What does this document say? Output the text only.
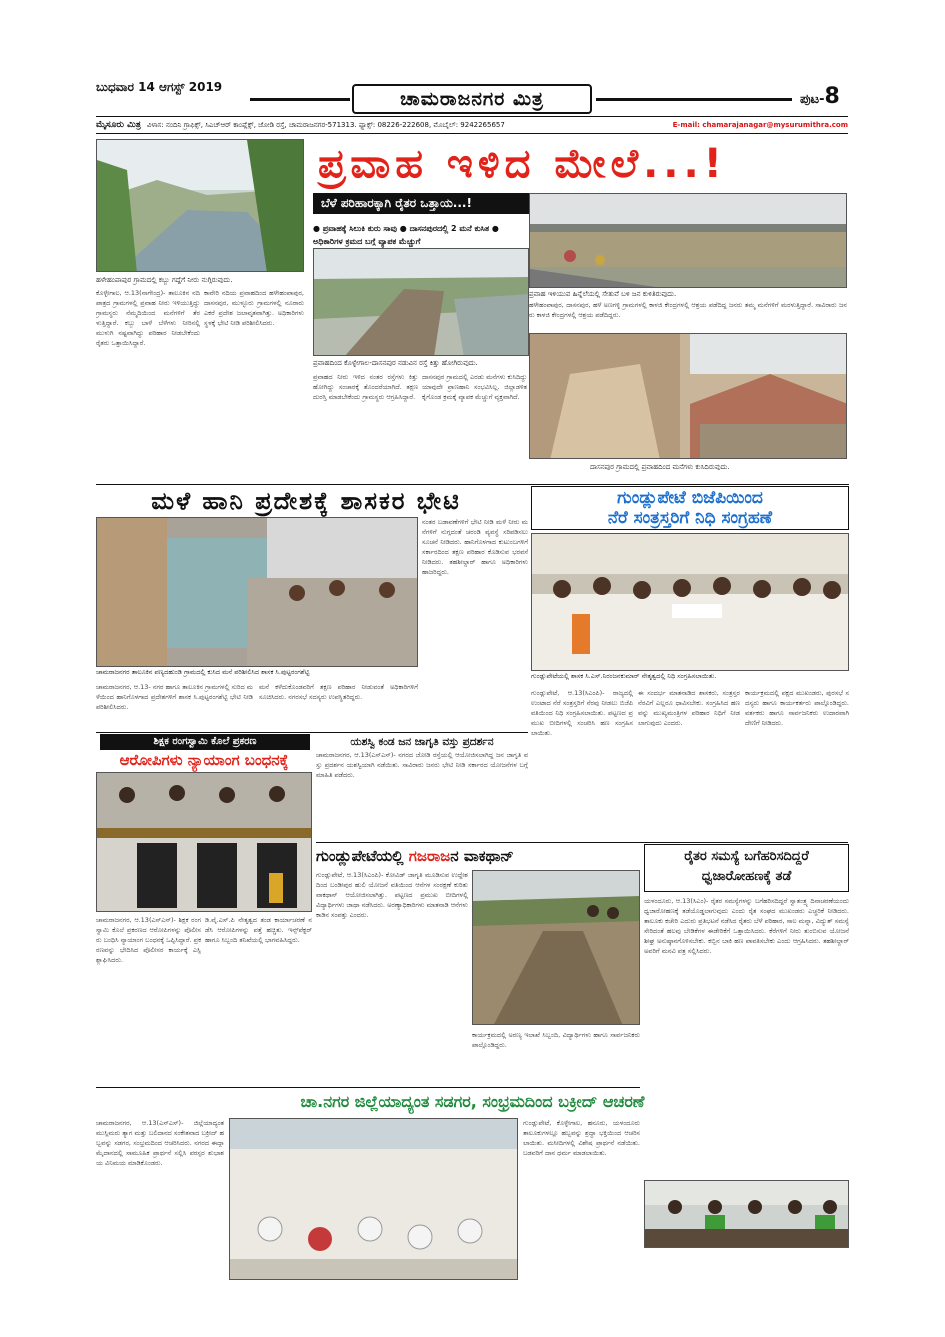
ಬುಧವಾರ 14 ಆಗಸ್ಟ್ 2019
ಚಾಮರಾಜನಗರ ಮಿತ್ರ	ಪುಟ-8
ಮೈಸೂರು ಮಿತ್ರ ವಿಳಾಸ: ನಂದಿನಿ ಗ್ರಾಫಿಕ್ಸ್, ಸಿಎಚ್‌ಆರ್ ಕಾಂಪ್ಲೆಕ್ಸ್, ಜೋಡಿ ರಸ್ತೆ, ಚಾಮರಾಜನಗರ-571313. ಫ್ಯಾಕ್ಸ್: 08226-222608, ಮೊಬೈಲ್: 9242265657	E-mail: chamarajanagar@mysurumithra.com
ಹಳೇಹಂಪಾಪುರ ಗ್ರಾಮದಲ್ಲಿ ಕಬ್ಬು ಗದ್ದೆಗೆ ನೀರು ನುಗ್ಗಿರುವುದು.
ಪ್ರವಾಹ ಇಳಿದ ಮೇಲೆ...!
ಬೆಳೆ ಪರಿಹಾರಕ್ಕಾಗಿ ರೈತರ ಒತ್ತಾಯ...!
● ಪ್ರವಾಹಕ್ಕೆ ಸಿಲುಕಿ ಕುರು ಸಾವು ● ದಾಸನಪುರದಲ್ಲಿ 2 ಮನೆ ಕುಸಿತ ● ಅಧಿಕಾರಿಗಳ ಕ್ರಮದ ಬಗ್ಗೆ ವ್ಯಾಪಕ ಮೆಚ್ಚುಗೆ
ಪ್ರವಾಹದಿಂದ ಕೊಳ್ಳೇಗಾಲ-ದಾಸನಪುರ ನಡುವಿನ ರಸ್ತೆ ಕಿತ್ತು ಹೋಗಿರುವುದು.
ಪ್ರವಾಹ ಇಳಿಯುವ ಹಿನ್ನೆಲೆಯಲ್ಲಿ ಸೇತುವೆ ಬಳಿ ಜನ ಕುಳಿತಿರುವುದು.
ದಾಸನಪುರ ಗ್ರಾಮದಲ್ಲಿ ಪ್ರವಾಹದಿಂದ ಮನೆಗಳು ಕುಸಿದಿರುವುದು.
ಕೊಳ್ಳೇಗಾಲ, ಆ.13(ನಾಗೇಂದ್ರ)- ತಾಲೂಕಿನ ನದಿ ಪಾತ್ರದ ಗ್ರಾಮಗಳಲ್ಲಿ ಪ್ರವಾಹ ನೀರು ಇಳಿಯುತ್ತಿದ್ದು ಗ್ರಾಮಸ್ಥರು ನೆಮ್ಮದಿಯಿಂದ ಮನೆಗಳಿಗೆ ತೆರಳುತ್ತಿದ್ದಾರೆ. ಕಬ್ಬು ಬಾಳೆ ಬೆಳೆಗಳು ನೀರಿನಲ್ಲಿ ಮುಳುಗಿ ನಷ್ಟವಾಗಿದ್ದು ಪರಿಹಾರ ನೀಡಬೇಕೆಂದು ರೈತರು ಒತ್ತಾಯಿಸಿದ್ದಾರೆ.
ಕಾವೇರಿ ನದಿಯ ಪ್ರವಾಹದಿಂದ ಹಳೇಹಂಪಾಪುರ, ದಾಸನಪುರ, ಮುಳ್ಳೂರು ಗ್ರಾಮಗಳಲ್ಲಿ ನೂರಾರು ಎಕರೆ ಪ್ರದೇಶ ಜಲಾವೃತವಾಗಿತ್ತು. ಅಧಿಕಾರಿಗಳು ಸ್ಥಳಕ್ಕೆ ಭೇಟಿ ನೀಡಿ ಪರಿಶೀಲಿಸಿದರು.
ಪ್ರವಾಹದ ನೀರು ಇಳಿದ ನಂತರ ರಸ್ತೆಗಳು ಕಿತ್ತು ಹೋಗಿದ್ದು ಸಂಚಾರಕ್ಕೆ ತೊಂದರೆಯಾಗಿದೆ. ತಕ್ಷಣ ದುರಸ್ತಿ ಮಾಡಬೇಕೆಂದು ಗ್ರಾಮಸ್ಥರು ಆಗ್ರಹಿಸಿದ್ದಾರೆ.
ದಾಸನಪುರ ಗ್ರಾಮದಲ್ಲಿ ಎರಡು ಮನೆಗಳು ಕುಸಿದಿದ್ದು ಯಾವುದೇ ಪ್ರಾಣಹಾನಿ ಸಂಭವಿಸಿಲ್ಲ. ಜಿಲ್ಲಾಡಳಿತ ಕೈಗೊಂಡ ಕ್ರಮಕ್ಕೆ ವ್ಯಾಪಕ ಮೆಚ್ಚುಗೆ ವ್ಯಕ್ತವಾಗಿದೆ.
ಹಳೇಹಂಪಾಪುರ, ದಾಸನಪುರ, ಹಳೆ ಅಣಗಳ್ಳಿ ಗ್ರಾಮಗಳಲ್ಲಿ ಕಾಳಜಿ ಕೇಂದ್ರಗಳಲ್ಲಿ ಆಶ್ರಯ ಪಡೆದಿದ್ದ ಜನರು ತಮ್ಮ ಮನೆಗಳಿಗೆ ಮರಳುತ್ತಿದ್ದಾರೆ. ಸಾವಿರಾರು ಜನರು ಕಾಳಜಿ ಕೇಂದ್ರಗಳಲ್ಲಿ ಆಶ್ರಯ ಪಡೆದಿದ್ದರು.
ಮಳೆ ಹಾನಿ ಪ್ರದೇಶಕ್ಕೆ ಶಾಸಕರ ಭೇಟಿ
ಚಾಮರಾಜನಗರ ತಾಲೂಕಿನ ಪಣ್ಯದಹುಂಡಿ ಗ್ರಾಮದಲ್ಲಿ ಕುಸಿದ ಮನೆ ಪರಿಶೀಲಿಸಿದ ಶಾಸಕ ಸಿ.ಪುಟ್ಟರಂಗಶೆಟ್ಟಿ
ಚಾಮರಾಜನಗರ, ಆ.13- ನಗರ ಹಾಗೂ ತಾಲೂಕಿನ ಗ್ರಾಮಗಳಲ್ಲಿ ಸುರಿದ ಮಳೆಯಿಂದ ಹಾನಿಗೊಳಗಾದ ಪ್ರದೇಶಗಳಿಗೆ ಶಾಸಕ ಸಿ.ಪುಟ್ಟರಂಗಶೆಟ್ಟಿ ಭೇಟಿ ನೀಡಿ ಪರಿಶೀಲಿಸಿದರು.
ಮನೆ ಕಳೆದುಕೊಂಡವರಿಗೆ ತಕ್ಷಣ ಪರಿಹಾರ ನೀಡುವಂತೆ ಅಧಿಕಾರಿಗಳಿಗೆ ಸೂಚಿಸಿದರು. ನಗರಸಭೆ ಸದಸ್ಯರು ಉಪಸ್ಥಿತರಿದ್ದರು.
ನಂತರ ಬಡಾವಣೆಗಳಿಗೆ ಭೇಟಿ ನೀಡಿ ಮಳೆ ನೀರು ಮನೆಗಳಿಗೆ ನುಗ್ಗದಂತೆ ಚರಂಡಿ ವ್ಯವಸ್ಥೆ ಸರಿಪಡಿಸಲು ಸೂಚನೆ ನೀಡಿದರು. ಹಾನಿಗೊಳಗಾದ ಕುಟುಂಬಗಳಿಗೆ ಸರ್ಕಾರದಿಂದ ತಕ್ಷಣ ಪರಿಹಾರ ಕೊಡಿಸುವ ಭರವಸೆ ನೀಡಿದರು. ತಹಶೀಲ್ದಾರ್ ಹಾಗೂ ಅಧಿಕಾರಿಗಳು ಹಾಜರಿದ್ದರು.
ಗುಂಡ್ಲುಪೇಟೆ ಬಿಜೆಪಿಯಿಂದ
ನೆರೆ ಸಂತ್ರಸ್ತರಿಗೆ ನಿಧಿ ಸಂಗ್ರಹಣೆ
ಗುಂಡ್ಲುಪೇಟೆಯಲ್ಲಿ ಶಾಸಕ ಸಿ.ಎಸ್.ನಿರಂಜನಕುಮಾರ್ ನೇತೃತ್ವದಲ್ಲಿ ನಿಧಿ ಸಂಗ್ರಹಿಸಲಾಯಿತು.
ಗುಂಡ್ಲುಪೇಟೆ, ಆ.13(ಸಿಎಂಪಿ)- ರಾಜ್ಯದಲ್ಲಿ ಉಂಟಾದ ನೆರೆ ಸಂತ್ರಸ್ತರಿಗೆ ನೆರವು ನೀಡಲು ಬಿಜೆಪಿ ವತಿಯಿಂದ ನಿಧಿ ಸಂಗ್ರಹಿಸಲಾಯಿತು. ಪಟ್ಟಣದ ಪ್ರಮುಖ ಬೀದಿಗಳಲ್ಲಿ ಸಂಚರಿಸಿ ಹಣ ಸಂಗ್ರಹಿಸಲಾಯಿತು.
ಈ ಸಂದರ್ಭ ಮಾತನಾಡಿದ ಶಾಸಕರು, ಸಂತ್ರಸ್ತರ ನೆರವಿಗೆ ಎಲ್ಲರೂ ಧಾವಿಸಬೇಕು. ಸಂಗ್ರಹಿಸಿದ ಹಣವನ್ನು ಮುಖ್ಯಮಂತ್ರಿಗಳ ಪರಿಹಾರ ನಿಧಿಗೆ ನೀಡಲಾಗುವುದು ಎಂದರು.
ಕಾರ್ಯಕ್ರಮದಲ್ಲಿ ಪಕ್ಷದ ಮುಖಂಡರು, ಪುರಸಭೆ ಸದಸ್ಯರು ಹಾಗೂ ಕಾರ್ಯಕರ್ತರು ಪಾಲ್ಗೊಂಡಿದ್ದರು. ವರ್ತಕರು ಹಾಗೂ ಸಾರ್ವಜನಿಕರು ಉದಾರವಾಗಿ ದೇಣಿಗೆ ನೀಡಿದರು.
ಶಿಕ್ಷಕ ರಂಗಸ್ವಾಮಿ ಕೊಲೆ ಪ್ರಕರಣ
ಆರೋಪಿಗಳು ನ್ಯಾಯಾಂಗ ಬಂಧನಕ್ಕೆ
ಚಾಮರಾಜನಗರ, ಆ.13(ಎಸ್‌ಎಸ್)- ಶಿಕ್ಷಕ ರಂಗಸ್ವಾಮಿ ಕೊಲೆ ಪ್ರಕರಣದ ಆರೋಪಿಗಳನ್ನು ಪೊಲೀಸರು ಬಂಧಿಸಿ ನ್ಯಾಯಾಂಗ ಬಂಧನಕ್ಕೆ ಒಪ್ಪಿಸಿದ್ದಾರೆ. ಪ್ರಕರಣವನ್ನು ಭೇದಿಸಿದ ಪೊಲೀಸರ ಕಾರ್ಯಕ್ಕೆ ಎಸ್ಪಿ ಶ್ಲಾಘಿಸಿದರು.
ಡಿ.ವೈ.ಎಸ್.ಪಿ ನೇತೃತ್ವದ ತಂಡ ಕಾರ್ಯಾಚರಣೆ ನಡೆಸಿ ಆರೋಪಿಗಳನ್ನು ಪತ್ತೆ ಹಚ್ಚಿತು. ಇನ್ಸ್‌ಪೆಕ್ಟರ್ ಹಾಗೂ ಸಿಬ್ಬಂದಿ ತನಿಖೆಯಲ್ಲಿ ಭಾಗವಹಿಸಿದ್ದರು.
ಯಶಸ್ವಿ ಕಂಡ ಜನ ಜಾಗೃತಿ ವಸ್ತು ಪ್ರದರ್ಶನ
ಚಾಮರಾಜನಗರ, ಆ.13(ಎಸ್‌ಎಸ್)- ನಗರದ ಜೋಡಿ ರಸ್ತೆಯಲ್ಲಿ ಆಯೋಜಿಸಲಾಗಿದ್ದ ಜನ ಜಾಗೃತಿ ವಸ್ತು ಪ್ರದರ್ಶನ ಯಶಸ್ವಿಯಾಗಿ ನಡೆಯಿತು. ಸಾವಿರಾರು ಜನರು ಭೇಟಿ ನೀಡಿ ಸರ್ಕಾರದ ಯೋಜನೆಗಳ ಬಗ್ಗೆ ಮಾಹಿತಿ ಪಡೆದರು.
ಗುಂಡ್ಲುಪೇಟೆಯಲ್ಲಿ ಗಜರಾಜನ ವಾಕಥಾನ್
ಗುಂಡ್ಲುಪೇಟೆ, ಆ.13(ಸಿಎಂಪಿ)- ಕೋವಿಡ್ ಜಾಗೃತಿ ಮೂಡಿಸುವ ಉದ್ದೇಶದಿಂದ ಬಂಡೀಪುರ ಹುಲಿ ಯೋಜನೆ ವತಿಯಿಂದ ಆನೆಗಳ ಸಂರಕ್ಷಣೆ ಕುರಿತು ವಾಕಥಾನ್ ಆಯೋಜಿಸಲಾಗಿತ್ತು. ಪಟ್ಟಣದ ಪ್ರಮುಖ ಬೀದಿಗಳಲ್ಲಿ ವಿದ್ಯಾರ್ಥಿಗಳು ಜಾಥಾ ನಡೆಸಿದರು. ಅರಣ್ಯಾಧಿಕಾರಿಗಳು ಮಾತನಾಡಿ ಆನೆಗಳು ಕಾಡಿನ ಸಂಪತ್ತು ಎಂದರು.
ಕಾರ್ಯಕ್ರಮದಲ್ಲಿ ಅರಣ್ಯ ಇಲಾಖೆ ಸಿಬ್ಬಂದಿ, ವಿದ್ಯಾರ್ಥಿಗಳು ಹಾಗೂ ಸಾರ್ವಜನಿಕರು ಪಾಲ್ಗೊಂಡಿದ್ದರು.
ರೈತರ ಸಮಸ್ಯೆ ಬಗೆಹರಿಸದಿದ್ದರೆ
ಧ್ವಜಾರೋಹಣಕ್ಕೆ ತಡೆ
ಯಳಂದೂರು, ಆ.13(ಸಿಎಂ)- ರೈತರ ಸಮಸ್ಯೆಗಳನ್ನು ಬಗೆಹರಿಸದಿದ್ದರೆ ಸ್ವಾತಂತ್ರ್ಯ ದಿನಾಚರಣೆಯಂದು ಧ್ವಜಾರೋಹಣಕ್ಕೆ ತಡೆಯೊಡ್ಡಲಾಗುವುದು ಎಂದು ರೈತ ಸಂಘದ ಮುಖಂಡರು ಎಚ್ಚರಿಕೆ ನೀಡಿದರು. ತಾಲೂಕು ಕಚೇರಿ ಎದುರು ಪ್ರತಿಭಟನೆ ನಡೆಸಿದ ರೈತರು ಬೆಳೆ ಪರಿಹಾರ, ಸಾಲ ಮನ್ನಾ, ವಿದ್ಯುತ್ ಸಮಸ್ಯೆ ಸೇರಿದಂತೆ ಹಲವು ಬೇಡಿಕೆಗಳ ಈಡೇರಿಕೆಗೆ ಒತ್ತಾಯಿಸಿದರು. ಕೆರೆಗಳಿಗೆ ನೀರು ತುಂಬಿಸುವ ಯೋಜನೆ ಶೀಘ್ರ ಅನುಷ್ಠಾನಗೊಳಿಸಬೇಕು. ಕಬ್ಬಿನ ಬಾಕಿ ಹಣ ಪಾವತಿಸಬೇಕು ಎಂದು ಆಗ್ರಹಿಸಿದರು. ತಹಶೀಲ್ದಾರ್ ಅವರಿಗೆ ಮನವಿ ಪತ್ರ ಸಲ್ಲಿಸಿದರು.
ಚಾ.ನಗರ ಜಿಲ್ಲೆಯಾದ್ಯಂತ ಸಡಗರ, ಸಂಭ್ರಮದಿಂದ ಬಕ್ರೀದ್ ಆಚರಣೆ
ಚಾಮರಾಜನಗರ, ಆ.13(ಎಸ್‌ಎಸ್)- ಜಿಲ್ಲೆಯಾದ್ಯಂತ ಮುಸ್ಲಿಮರು ತ್ಯಾಗ ಮತ್ತು ಬಲಿದಾನದ ಸಂಕೇತವಾದ ಬಕ್ರೀದ್ ಹಬ್ಬವನ್ನು ಸಡಗರ, ಸಂಭ್ರಮದಿಂದ ಆಚರಿಸಿದರು. ನಗರದ ಈದ್ಗಾ ಮೈದಾನದಲ್ಲಿ ಸಾಮೂಹಿಕ ಪ್ರಾರ್ಥನೆ ಸಲ್ಲಿಸಿ ಪರಸ್ಪರ ಶುಭಾಶಯ ವಿನಿಮಯ ಮಾಡಿಕೊಂಡರು.
ಗುಂಡ್ಲುಪೇಟೆ, ಕೊಳ್ಳೇಗಾಲ, ಹನೂರು, ಯಳಂದೂರು ತಾಲೂಕುಗಳಲ್ಲೂ ಹಬ್ಬವನ್ನು ಶ್ರದ್ಧಾ ಭಕ್ತಿಯಿಂದ ಆಚರಿಸಲಾಯಿತು. ಮಸೀದಿಗಳಲ್ಲಿ ವಿಶೇಷ ಪ್ರಾರ್ಥನೆ ನಡೆಯಿತು. ಬಡವರಿಗೆ ದಾನ ಧರ್ಮ ಮಾಡಲಾಯಿತು.
